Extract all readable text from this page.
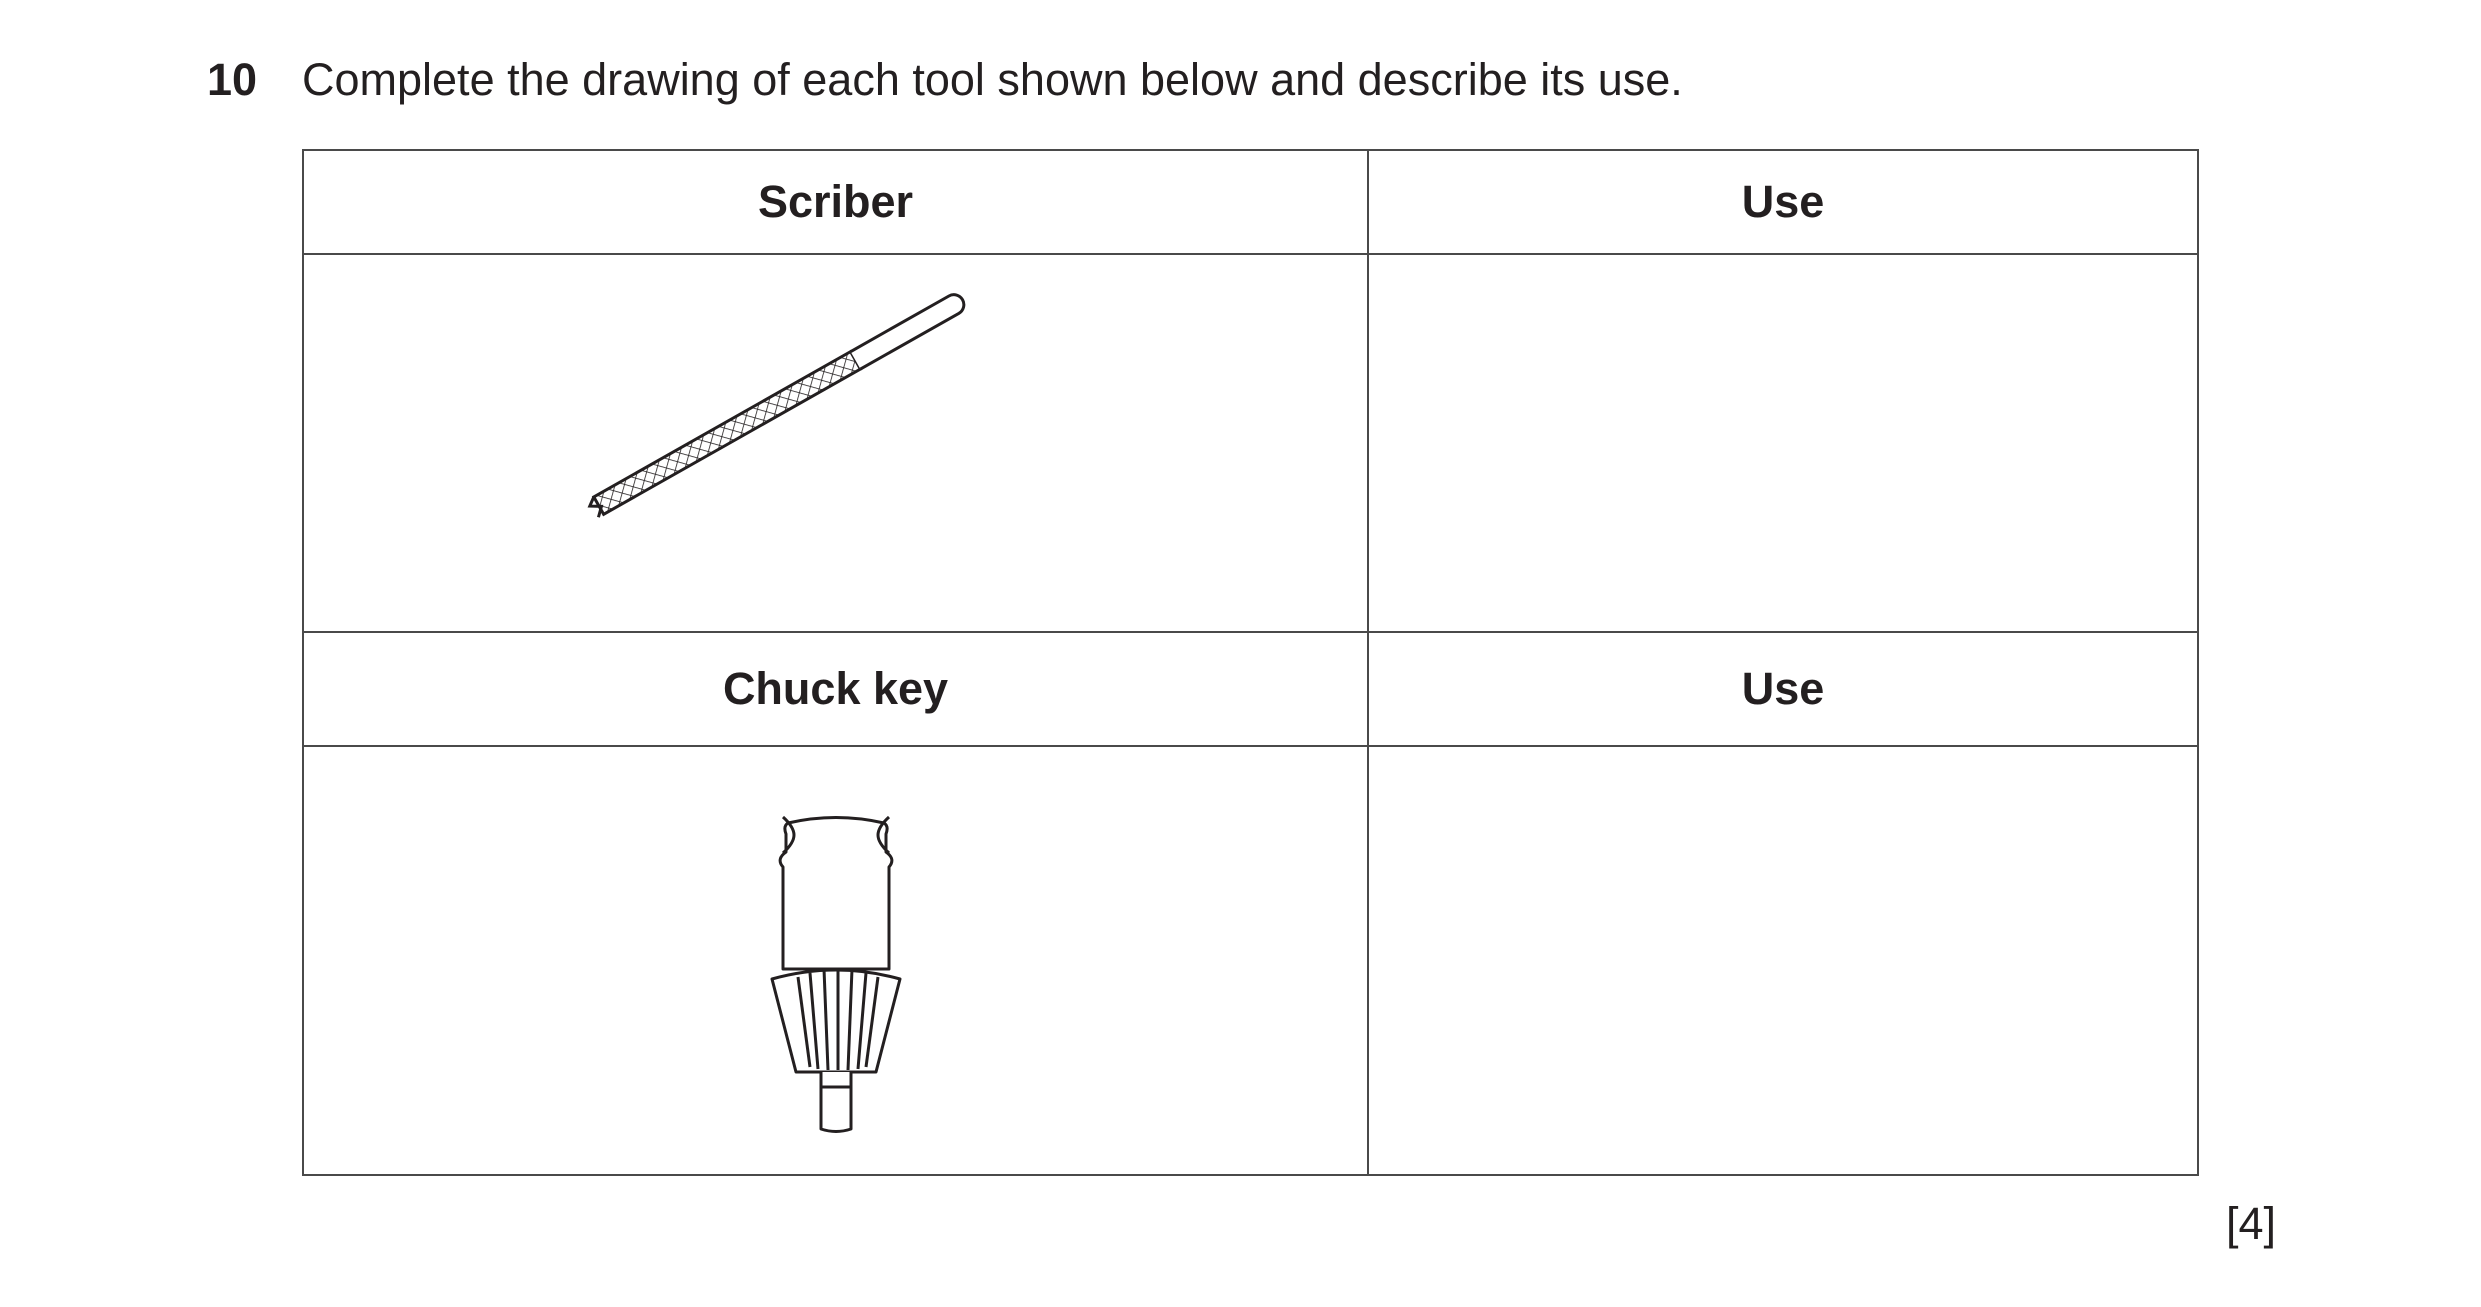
10 Complete the drawing of each tool shown below and describe its use.
Scriber	Use

Chuck key	Use

[4]
